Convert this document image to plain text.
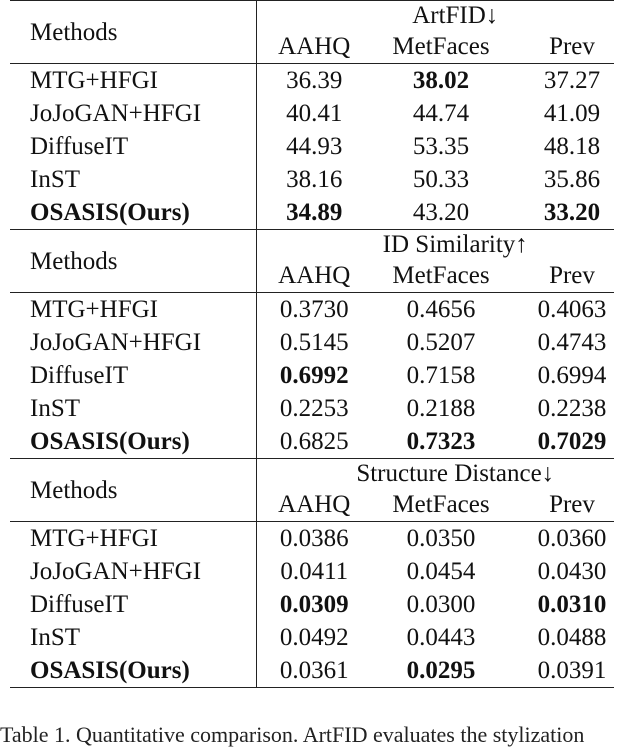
Methods	ArtFID↓		
	AAHQ	MetFaces	Prev
MTG+HFGI	36.39	38.02	37.27
JoJoGAN+HFGI	40.41	44.74	41.09
DiffuseIT	44.93	53.35	48.18
InST	38.16	50.33	35.86
OSASIS(Ours)	34.89	43.20	33.20
Methods	ID Similarity↑		
	AAHQ	MetFaces	Prev
MTG+HFGI	0.3730	0.4656	0.4063
JoJoGAN+HFGI	0.5145	0.5207	0.4743
DiffuseIT	0.6992	0.7158	0.6994
InST	0.2253	0.2188	0.2238
OSASIS(Ours)	0.6825	0.7323	0.7029
Methods	Structure Distance↓		
	AAHQ	MetFaces	Prev
MTG+HFGI	0.0386	0.0350	0.0360
JoJoGAN+HFGI	0.0411	0.0454	0.0430
DiffuseIT	0.0309	0.0300	0.0310
InST	0.0492	0.0443	0.0488
OSASIS(Ours)	0.0361	0.0295	0.0391
Table 1. Quantitative comparison. ArtFID evaluates the stylization
